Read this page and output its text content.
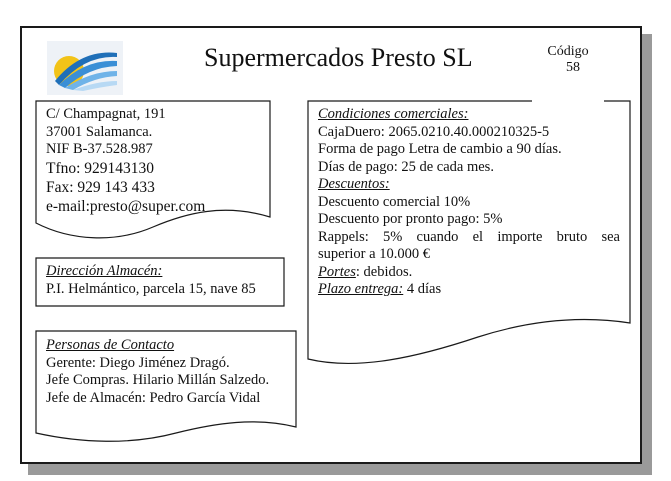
Supermercados Presto SL
C/ Champagnat, 191
37001 Salamanca.
NIF B-37.528.987
Tfno: 929143130
Fax: 929 143 433
e-mail:presto@super.com
Dirección Almacén:
P.I. Helmántico, parcela 15, nave 85
Personas de Contacto
Gerente: Diego Jiménez Dragó.
Jefe Compras. Hilario Millán Salzedo.
Jefe de Almacén: Pedro García Vidal
Condiciones comerciales:
CajaDuero: 2065.0210.40.000210325-5
Forma de pago Letra de cambio a 90 días.
Días de pago: 25 de cada mes.
Descuentos:
Descuento comercial 10%
Descuento por pronto pago: 5%
Rappels: 5% cuando el importe bruto sea
superior a 10.000 €
Portes: debidos.
Plazo entrega: 4 días
Código
58
